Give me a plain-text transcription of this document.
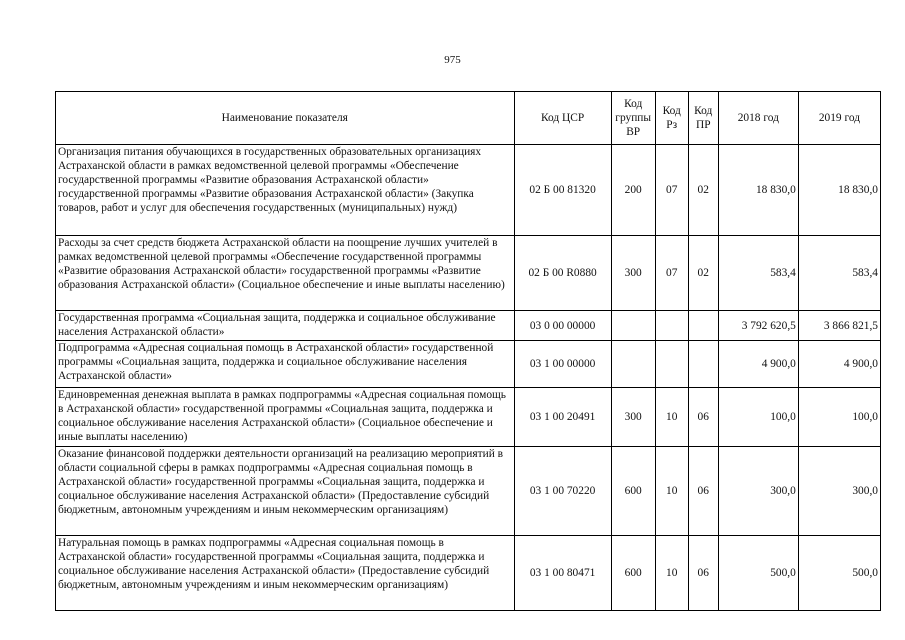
975
Наименование показателя	Код ЦСР	Код группы ВР	Код Рз	Код ПР	2018 год	2019 год
Организация питания обучающихся в государственных образовательных организациях Астраханской области в рамках ведомственной целевой программы «Обеспечение государственной программы «Развитие образования Астраханской области» государственной программы «Развитие образования Астраханской области» (Закупка товаров, работ и услуг для обеспечения государственных (муниципальных) нужд)	02 Б 00 81320	200	07	02	18 830,0	18 830,0
Расходы за счет средств бюджета Астраханской области на поощрение лучших учителей в рамках ведомственной целевой программы «Обеспечение государственной программы «Развитие образования Астраханской области» государственной программы «Развитие образования Астраханской области» (Социальное обеспечение и иные выплаты населению)	02 Б 00 R0880	300	07	02	583,4	583,4
Государственная программа «Социальная защита, поддержка и социальное обслуживание населения Астраханской области»	03 0 00 00000				3 792 620,5	3 866 821,5
Подпрограмма «Адресная социальная помощь в Астраханской области» государственной программы «Социальная защита, поддержка и социальное обслуживание населения Астраханской области»	03 1 00 00000				4 900,0	4 900,0
Единовременная денежная выплата в рамках подпрограммы «Адресная социальная помощь в Астраханской области» государственной программы «Социальная защита, поддержка и социальное обслуживание населения Астраханской области» (Социальное обеспечение и иные выплаты населению)	03 1 00 20491	300	10	06	100,0	100,0
Оказание финансовой поддержки деятельности организаций на реализацию мероприятий в области социальной сферы в рамках подпрограммы «Адресная социальная помощь в Астраханской области» государственной программы «Социальная защита, поддержка и социальное обслуживание населения Астраханской области» (Предоставление субсидий бюджетным, автономным учреждениям и иным некоммерческим организациям)	03 1 00 70220	600	10	06	300,0	300,0
Натуральная помощь в рамках подпрограммы «Адресная социальная помощь в Астраханской области» государственной программы «Социальная защита, поддержка и социальное обслуживание населения Астраханской области» (Предоставление субсидий бюджетным, автономным учреждениям и иным некоммерческим организациям)	03 1 00 80471	600	10	06	500,0	500,0
